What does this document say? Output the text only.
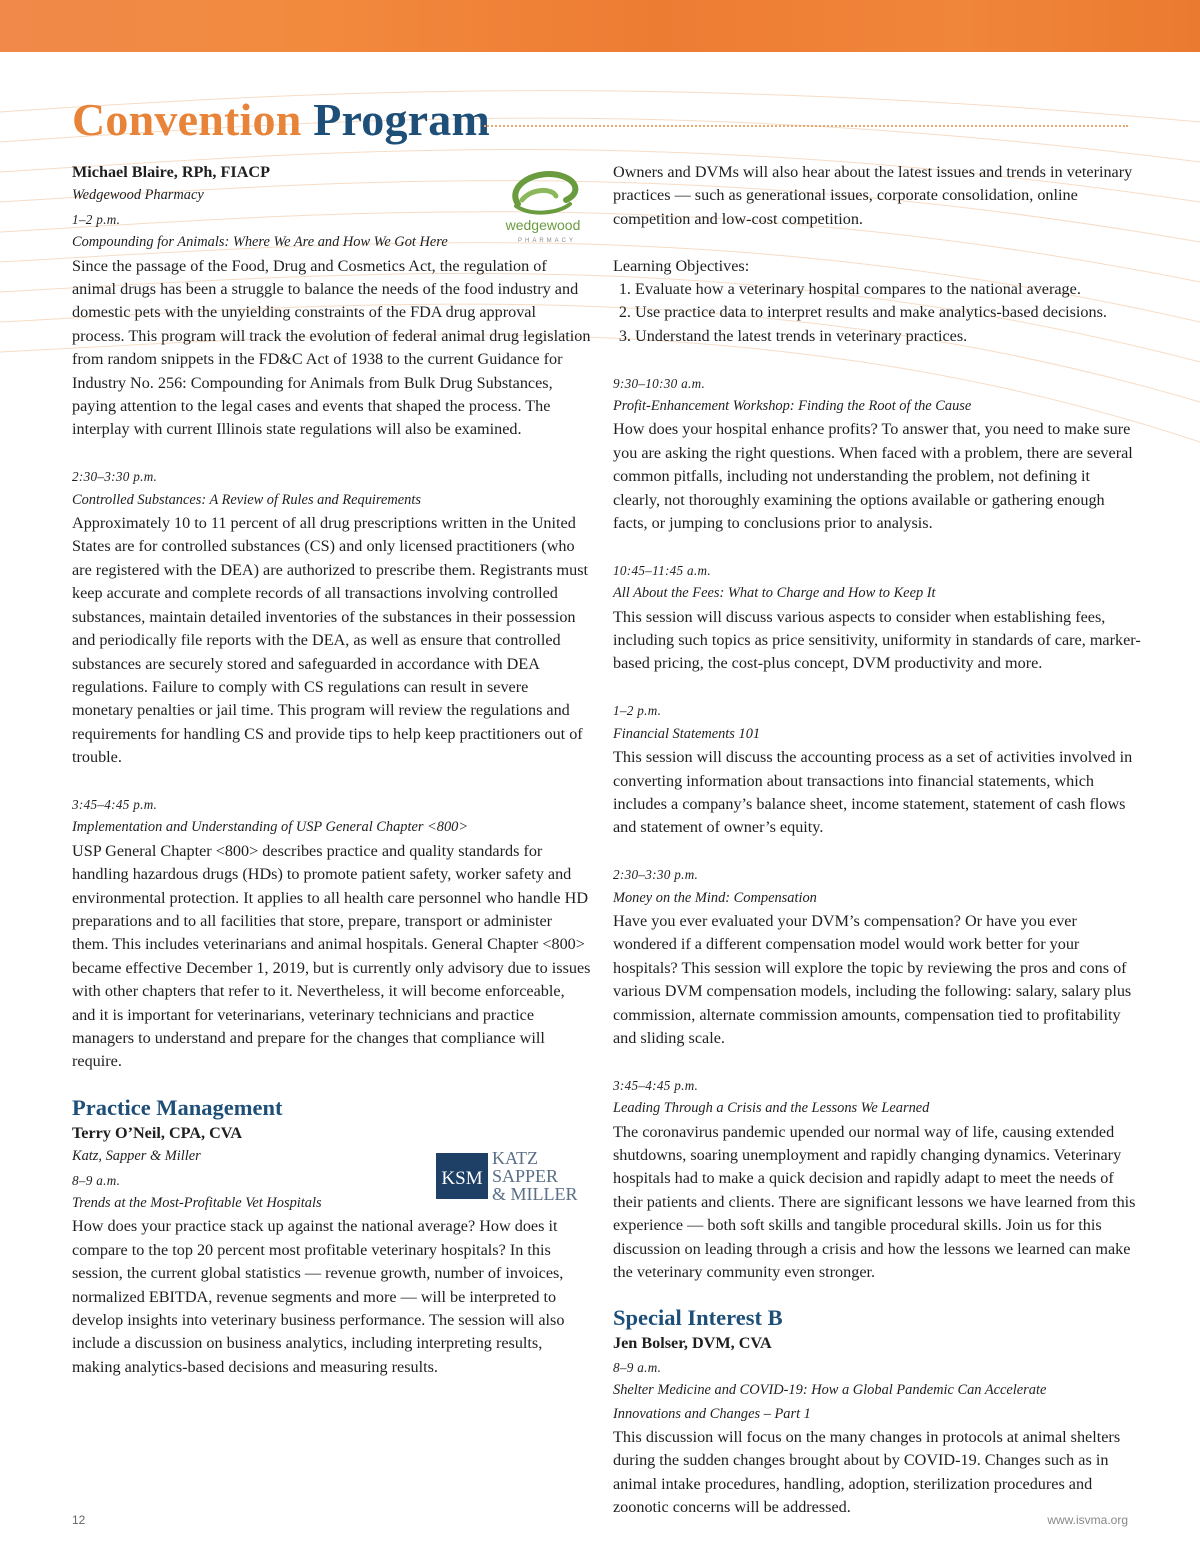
Convention Program
wedgewood
PHARMACY
KSM
KATZ
SAPPER
& MILLER

Michael Blaire, RPh, FIACP

Wedgewood Pharmacy

1–2 p.m.

Compounding for Animals: Where We Are and How We Got Here

Since the passage of the Food, Drug and Cosmetics Act, the regulation of animal drugs has been a struggle to balance the needs of the food industry and domestic pets with the unyielding constraints of the FDA drug approval process. This program will track the evolution of federal animal drug legislation from random snippets in the FD&C Act of 1938 to the current Guidance for Industry No. 256: Compounding for Animals from Bulk Drug Substances, paying attention to the legal cases and events that shaped the process. The interplay with current Illinois state regulations will also be examined.

2:30–3:30 p.m.

Controlled Substances: A Review of Rules and Requirements

Approximately 10 to 11 percent of all drug prescriptions written in the United States are for controlled substances (CS) and only licensed practitioners (who are registered with the DEA) are authorized to prescribe them. Registrants must keep accurate and complete records of all transactions involving controlled substances, maintain detailed inventories of the substances in their possession and periodically file reports with the DEA, as well as ensure that controlled substances are securely stored and safeguarded in accordance with DEA regulations. Failure to comply with CS regulations can result in severe monetary penalties or jail time. This program will review the regulations and requirements for handling CS and provide tips to help keep practitioners out of trouble.

3:45–4:45 p.m.

Implementation and Understanding of USP General Chapter <800>

USP General Chapter <800> describes practice and quality standards for handling hazardous drugs (HDs) to promote patient safety, worker safety and environmental protection. It applies to all health care personnel who handle HD preparations and to all facilities that store, prepare, transport or administer them. This includes veterinarians and animal hospitals. General Chapter <800> became effective December 1, 2019, but is currently only advisory due to issues with other chapters that refer to it. Nevertheless, it will become enforceable, and it is important for veterinarians, veterinary technicians and practice managers to understand and prepare for the changes that compliance will require.

Practice Management

Terry O’Neil, CPA, CVA

Katz, Sapper & Miller

8–9 a.m.

Trends at the Most-Profitable Vet Hospitals

How does your practice stack up against the national average? How does it compare to the top 20 percent most profitable veterinary hospitals? In this session, the current global statistics — revenue growth, number of invoices, normalized EBITDA, revenue segments and more — will be interpreted to develop insights into veterinary business performance. The session will also include a discussion on business analytics, including interpreting results, making analytics-based decisions and measuring results.

Owners and DVMs will also hear about the latest issues and trends in veterinary practices — such as generational issues, corporate consolidation, online competition and low-cost competition.

Learning Objectives:

1. Evaluate how a veterinary hospital compares to the national average.
2. Use practice data to interpret results and make analytics-based decisions.
3. Understand the latest trends in veterinary practices.

9:30–10:30 a.m.

Profit-Enhancement Workshop: Finding the Root of the Cause

How does your hospital enhance profits? To answer that, you need to make sure you are asking the right questions. When faced with a problem, there are several common pitfalls, including not understanding the problem, not defining it clearly, not thoroughly examining the options available or gathering enough facts, or jumping to conclusions prior to analysis.

10:45–11:45 a.m.

All About the Fees: What to Charge and How to Keep It

This session will discuss various aspects to consider when establishing fees, including such topics as price sensitivity, uniformity in standards of care, marker-based pricing, the cost-plus concept, DVM productivity and more.

1–2 p.m.

Financial Statements 101

This session will discuss the accounting process as a set of activities involved in converting information about transactions into financial statements, which includes a company’s balance sheet, income statement, statement of cash flows and statement of owner’s equity.

2:30–3:30 p.m.

Money on the Mind: Compensation

Have you ever evaluated your DVM’s compensation? Or have you ever wondered if a different compensation model would work better for your hospitals? This session will explore the topic by reviewing the pros and cons of various DVM compensation models, including the following: salary, salary plus commission, alternate commission amounts, compensation tied to profitability and sliding scale.

3:45–4:45 p.m.

Leading Through a Crisis and the Lessons We Learned

The coronavirus pandemic upended our normal way of life, causing extended shutdowns, soaring unemployment and rapidly changing dynamics. Veterinary hospitals had to make a quick decision and rapidly adapt to meet the needs of their patients and clients. There are significant lessons we have learned from this experience — both soft skills and tangible procedural skills. Join us for this discussion on leading through a crisis and how the lessons we learned can make the veterinary community even stronger.

Special Interest B

Jen Bolser, DVM, CVA

8–9 a.m.

Shelter Medicine and COVID-19: How a Global Pandemic Can Accelerate

Innovations and Changes – Part 1

This discussion will focus on the many changes in protocols at animal shelters during the sudden changes brought about by COVID-19. Changes such as in animal intake procedures, handling, adoption, sterilization procedures and zoonotic concerns will be addressed.

12	www.isvma.org
